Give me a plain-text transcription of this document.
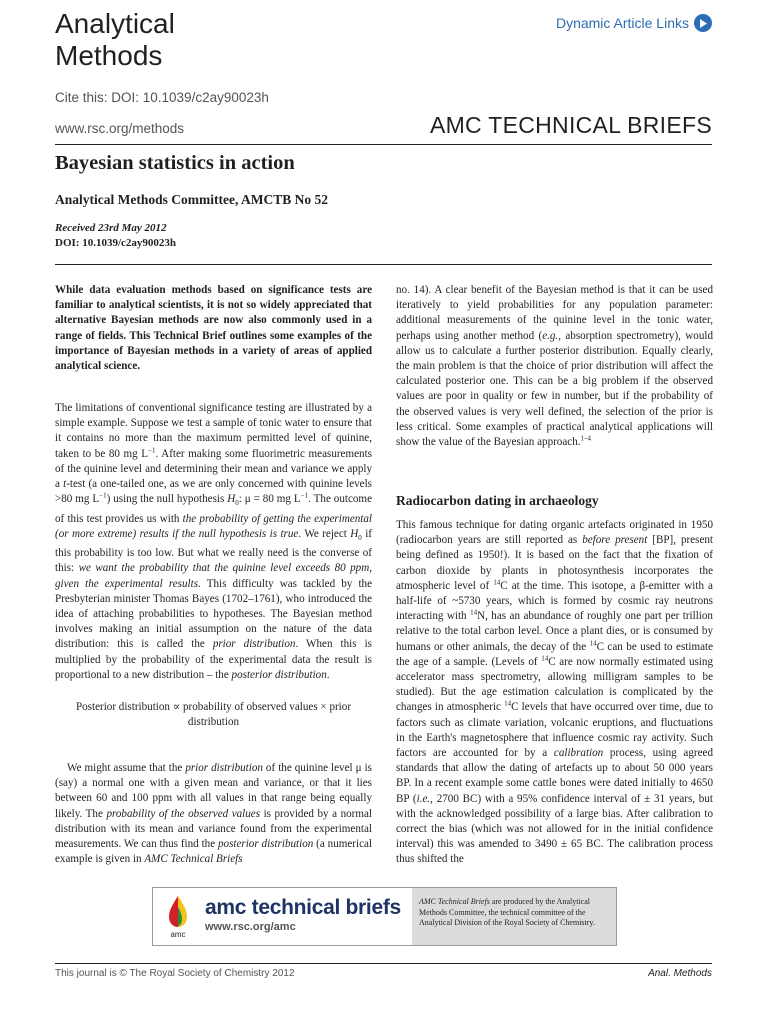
Analytical Methods
Dynamic Article Links
Cite this: DOI: 10.1039/c2ay90023h
www.rsc.org/methods	AMC TECHNICAL BRIEFS
Bayesian statistics in action
Analytical Methods Committee, AMCTB No 52
Received 23rd May 2012
DOI: 10.1039/c2ay90023h

While data evaluation methods based on significance tests are familiar to analytical scientists, it is not so widely appreciated that alternative Bayesian methods are now also commonly used in a range of fields. This Technical Brief outlines some examples of the importance of Bayesian methods in a variety of areas of applied analytical science.

The limitations of conventional significance testing are illustrated by a simple example. Suppose we test a sample of tonic water to ensure that it contains no more than the maximum permitted level of quinine, taken to be 80 mg $L^{-1}$. After making some fluorimetric measurements of the quinine level and determining their mean and variance we apply a t-test (a one-tailed one, as we are only concerned with quinine levels >80 mg $L^{-1}$) using the null hypothesis $H_0$: μ = 80 mg $L^{-1}$. The outcome of this test provides us with the probability of getting the experimental (or more extreme) results if the null hypothesis is true. We reject $H_0$ if this probability is too low. But what we really need is the converse of this: we want the probability that the quinine level exceeds 80 ppm, given the experimental results. This difficulty was tackled by the Presbyterian minister Thomas Bayes (1702–1761), who introduced the idea of attaching probabilities to hypotheses. The Bayesian method involves making an initial assumption on the nature of the data distribution: this is called the prior distribution. When this is multiplied by the probability of the experimental data the result is proportional to a new distribution – the posterior distribution.

Posterior distribution ∝ probability of observed values × prior distribution

We might assume that the prior distribution of the quinine level μ is (say) a normal one with a given mean and variance, or that it lies between 60 and 100 ppm with all values in that range being equally likely. The probability of the observed values is provided by a normal distribution with its mean and variance found from the experimental measurements. We can thus find the posterior distribution (a numerical example is given in AMC Technical Briefs

no. 14). A clear benefit of the Bayesian method is that it can be used iteratively to yield probabilities for any population parameter: additional measurements of the quinine level in the tonic water, perhaps using another method (e.g., absorption spectrometry), would allow us to calculate a further posterior distribution. Equally clearly, the main problem is that the choice of prior distribution will affect the calculated posterior one. This can be a big problem if the observed values are poor in quality or few in number, but if the probability of the observed values is very well defined, the selection of the prior is less critical. Some examples of practical analytical applications will show the value of the Bayesian approach.$^{1-4}$

Radiocarbon dating in archaeology

This famous technique for dating organic artefacts originated in 1950 (radiocarbon years are still reported as before present [BP], present being defined as 1950!). It is based on the fact that the fixation of carbon dioxide by plants in photosynthesis incorporates the atmospheric level of $^{14}$C at the time. This isotope, a β-emitter with a half-life of ~5730 years, which is formed by cosmic ray neutrons interacting with $^{14}$N, has an abundance of roughly one part per trillion relative to the total carbon level. Once a plant dies, or is consumed by humans or other animals, the decay of the $^{14}$C can be used to estimate the age of a sample. (Levels of $^{14}$C are now normally estimated using accelerator mass spectrometry, allowing milligram samples to be studied). But the age estimation calculation is complicated by the changes in atmospheric $^{14}$C levels that have occurred over time, due to factors such as climate variation, volcanic eruptions, and fluctuations in the Earth's magnetosphere that influence cosmic ray activity. Such factors are accounted for by a calibration process, using agreed standards that allow the dating of artefacts up to about 50 000 years BP. In a recent example some cattle bones were dated initially to 4650 BP (i.e., 2700 BC) with a 95% confidence interval of ± 31 years, but with the acknowledged possibility of a large bias. After calibration to correct the bias (which was not allowed for in the initial confidence interval) this was amended to 3490 ± 65 BC. The calibration process thus shifted the

amc
amc technical briefs
www.rsc.org/amc
AMC Technical Briefs are produced by the Analytical Methods Committee, the technical committee of the Analytical Division of the Royal Society of Chemistry.
This journal is © The Royal Society of Chemistry 2012	Anal. Methods
